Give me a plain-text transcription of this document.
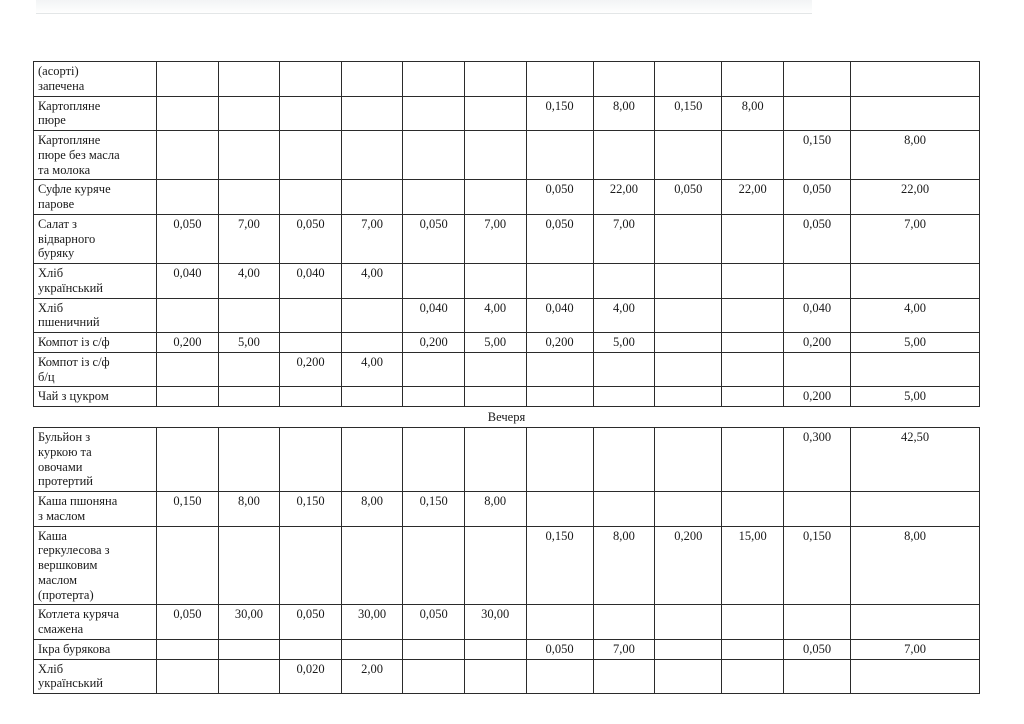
(асорті)
запечена												
Картопляне
пюре							0,150	8,00	0,150	8,00		
Картопляне
пюре без масла
та молока											0,150	8,00
Суфле куряче
парове							0,050	22,00	0,050	22,00	0,050	22,00
Салат з
відварного
буряку	0,050	7,00	0,050	7,00	0,050	7,00	0,050	7,00			0,050	7,00
Хліб
український	0,040	4,00	0,040	4,00								
Хліб
пшеничний					0,040	4,00	0,040	4,00			0,040	4,00
Компот із с/ф	0,200	5,00			0,200	5,00	0,200	5,00			0,200	5,00
Компот із с/ф
б/ц			0,200	4,00								
Чай з цукром											0,200	5,00
Вечеря												
Бульйон з
куркою та
овочами
протертий											0,300	42,50
Каша пшоняна
з маслом	0,150	8,00	0,150	8,00	0,150	8,00						
Каша
геркулесова з
вершковим
маслом
(протерта)							0,150	8,00	0,200	15,00	0,150	8,00
Котлета куряча
смажена	0,050	30,00	0,050	30,00	0,050	30,00						
Ікра бурякова							0,050	7,00			0,050	7,00
Хліб
український			0,020	2,00								
